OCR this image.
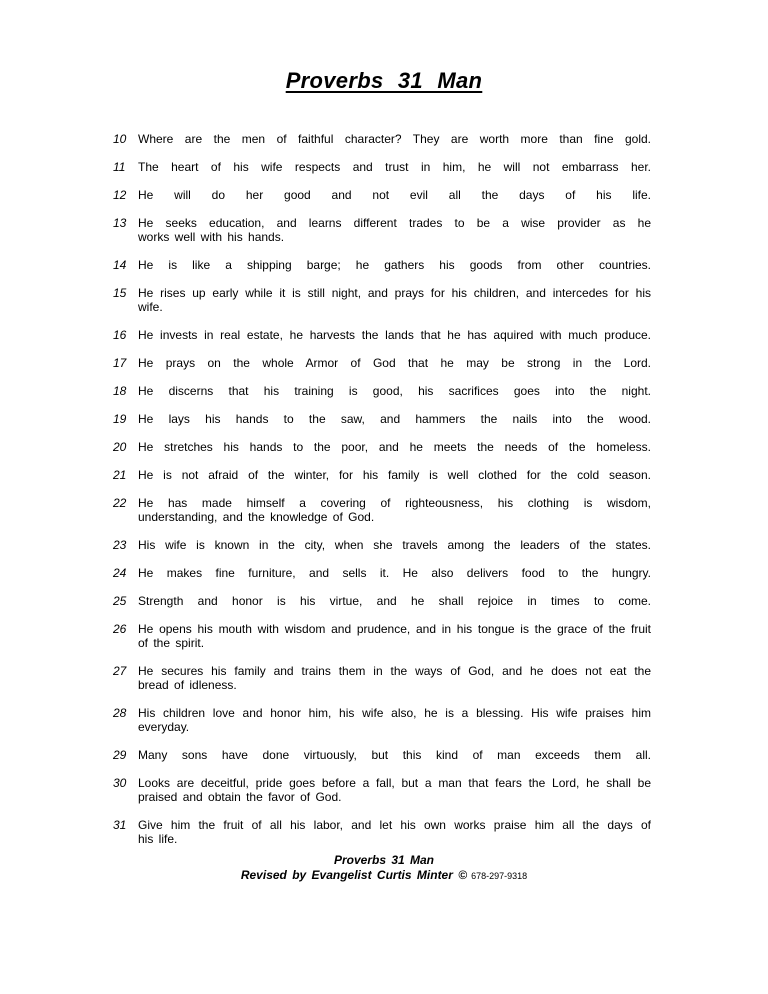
Proverbs 31 Man
10 Where are the men of faithful character? They are worth more than fine gold.
11 The heart of his wife respects and trust in him, he will not embarrass her.
12 He will do her good and not evil all the days of his life.
13 He seeks education, and learns different trades to be a wise provider as he
works well with his hands.
14 He is like a shipping barge; he gathers his goods from other countries.
15 He rises up early while it is still night, and prays for his children, and intercedes for his wife.
16 He invests in real estate, he harvests the lands that he has aquired with much produce.
17 He prays on the whole Armor of God that he may be strong in the Lord.
18 He discerns that his training is good, his sacrifices goes into the night.
19 He lays his hands to the saw, and hammers the nails into the wood.
20 He stretches his hands to the poor, and he meets the needs of the homeless.
21 He is not afraid of the winter, for his family is well clothed for the cold season.
22 He has made himself a covering of righteousness, his clothing is wisdom,
understanding, and the knowledge of God.
23 His wife is known in the city, when she travels among the leaders of the states.
24 He makes fine furniture, and sells it. He also delivers food to the hungry.
25 Strength and honor is his virtue, and he shall rejoice in times to come.
26 He opens his mouth with wisdom and prudence, and in his tongue is the grace of the fruit
of the spirit.
27 He secures his family and trains them in the ways of God, and he does not eat the
bread of idleness.
28 His children love and honor him, his wife also, he is a blessing. His wife praises him
everyday.
29 Many sons have done virtuously, but this kind of man exceeds them all.
30 Looks are deceitful, pride goes before a fall, but a man that fears the Lord, he shall be
praised and obtain the favor of God.
31 Give him the fruit of all his labor, and let his own works praise him all the days of
his life.
Proverbs 31 Man
Revised by Evangelist Curtis Minter © 678-297-9318
